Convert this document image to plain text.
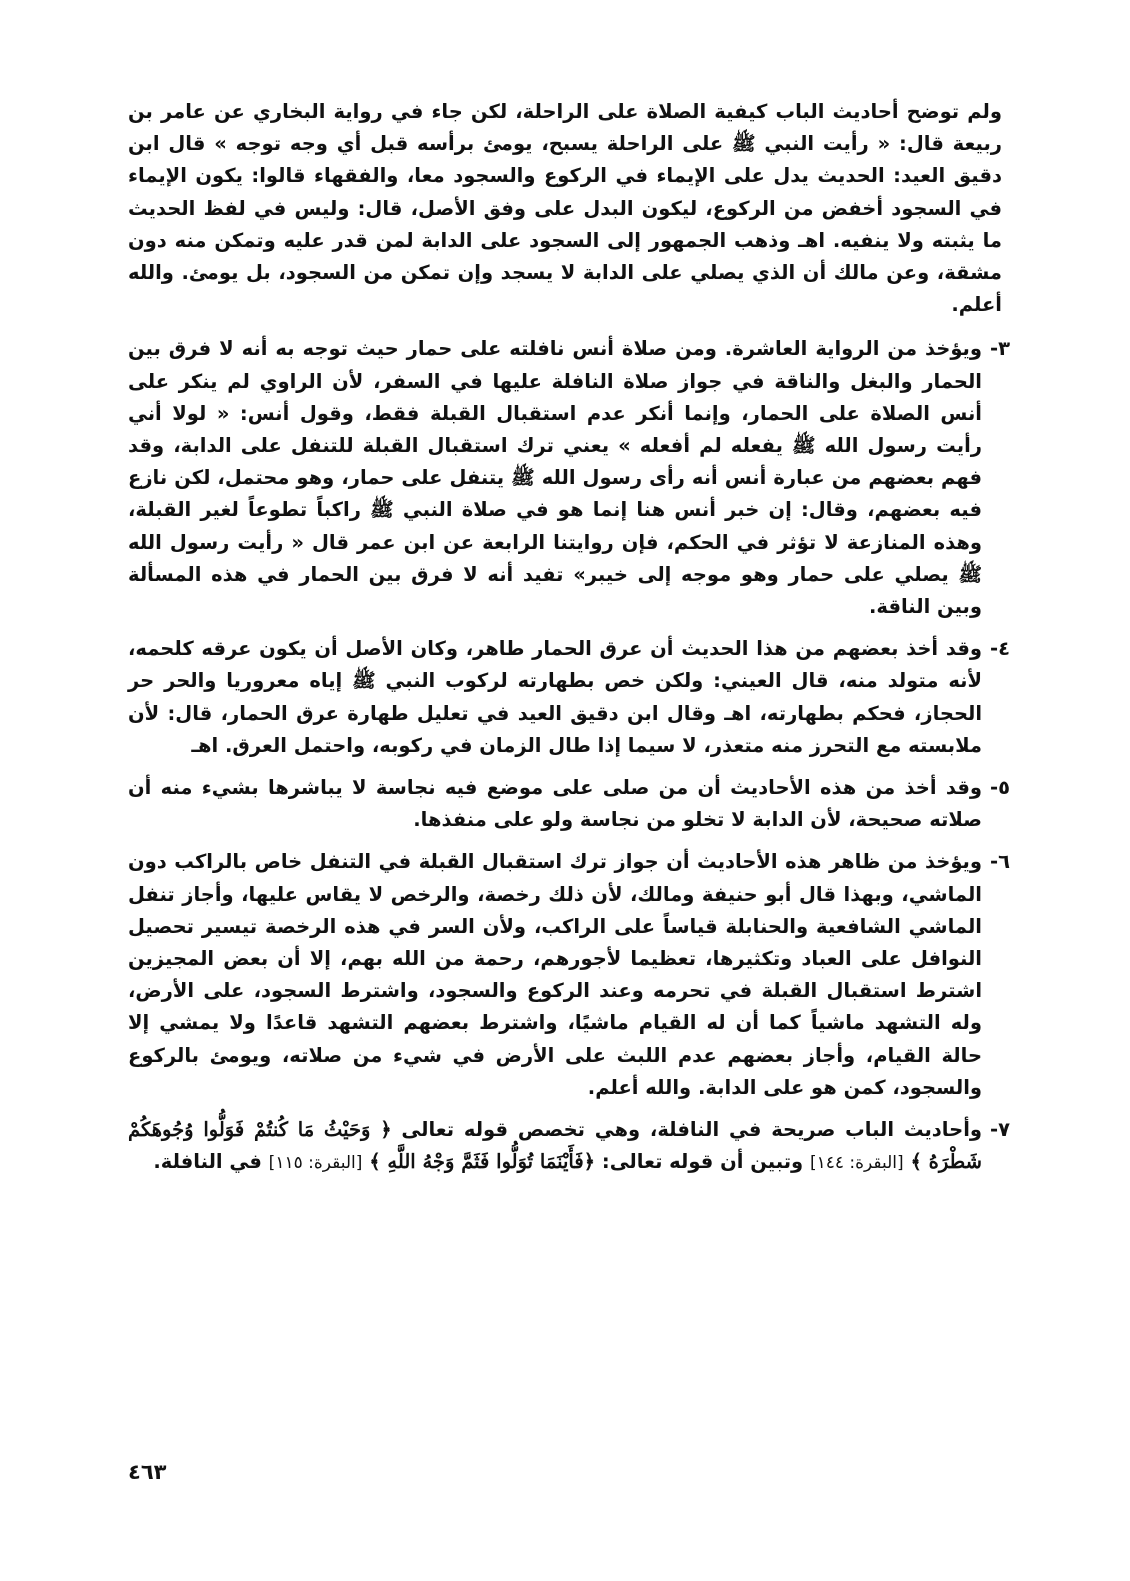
ولم توضح أحاديث الباب كيفية الصلاة على الراحلة، لكن جاء في رواية البخاري عن عامر بن ربيعة قال: « رأيت النبي ﷺ على الراحلة يسبح، يومئ برأسه قبل أي وجه توجه » قال ابن دقيق العيد: الحديث يدل على الإيماء في الركوع والسجود معا، والفقهاء قالوا: يكون الإيماء في السجود أخفض من الركوع، ليكون البدل على وفق الأصل، قال: وليس في لفظ الحديث ما يثبته ولا ينفيه. اهـ وذهب الجمهور إلى السجود على الدابة لمن قدر عليه وتمكن منه دون مشقة، وعن مالك أن الذي يصلي على الدابة لا يسجد وإن تمكن من السجود، بل يومئ. والله أعلم.

٣-
ويؤخذ من الرواية العاشرة. ومن صلاة أنس نافلته على حمار حيث توجه به أنه لا فرق بين الحمار والبغل والناقة في جواز صلاة النافلة عليها في السفر، لأن الراوي لم ينكر على أنس الصلاة على الحمار، وإنما أنكر عدم استقبال القبلة فقط، وقول أنس: « لولا أني رأيت رسول الله ﷺ يفعله لم أفعله » يعني ترك استقبال القبلة للتنفل على الدابة، وقد فهم بعضهم من عبارة أنس أنه رأى رسول الله ﷺ يتنفل على حمار، وهو محتمل، لكن نازع فيه بعضهم، وقال: إن خبر أنس هنا إنما هو في صلاة النبي ﷺ راكباً تطوعاً لغير القبلة، وهذه المنازعة لا تؤثر في الحكم، فإن روايتنا الرابعة عن ابن عمر قال « رأيت رسول الله ﷺ يصلي على حمار وهو موجه إلى خيبر» تفيد أنه لا فرق بين الحمار في هذه المسألة وبين الناقة.
٤-
وقد أخذ بعضهم من هذا الحديث أن عرق الحمار طاهر، وكان الأصل أن يكون عرقه كلحمه، لأنه متولد منه، قال العيني: ولكن خص بطهارته لركوب النبي ﷺ إياه معروريا والحر حر الحجاز، فحكم بطهارته، اهـ وقال ابن دقيق العيد في تعليل طهارة عرق الحمار، قال: لأن ملابسته مع التحرز منه متعذر، لا سيما إذا طال الزمان في ركوبه، واحتمل العرق. اهـ
٥-
وقد أخذ من هذه الأحاديث أن من صلى على موضع فيه نجاسة لا يباشرها بشيء منه أن صلاته صحيحة، لأن الدابة لا تخلو من نجاسة ولو على منفذها.
٦-
ويؤخذ من ظاهر هذه الأحاديث أن جواز ترك استقبال القبلة في التنفل خاص بالراكب دون الماشي، وبهذا قال أبو حنيفة ومالك، لأن ذلك رخصة، والرخص لا يقاس عليها، وأجاز تنفل الماشي الشافعية والحنابلة قياساً على الراكب، ولأن السر في هذه الرخصة تيسير تحصيل النوافل على العباد وتكثيرها، تعظيما لأجورهم، رحمة من الله بهم، إلا أن بعض المجيزين اشترط استقبال القبلة في تحرمه وعند الركوع والسجود، واشترط السجود، على الأرض، وله التشهد ماشياً كما أن له القيام ماشيًا، واشترط بعضهم التشهد قاعدًا ولا يمشي إلا حالة القيام، وأجاز بعضهم عدم اللبث على الأرض في شيء من صلاته، ويومئ بالركوع والسجود، كمن هو على الدابة. والله أعلم.
٧-
وأحاديث الباب صريحة في النافلة، وهي تخصص قوله تعالى ﴿ وَحَيْثُ مَا كُنتُمْ فَوَلُّوا وُجُوهَكُمْ شَطْرَهُ ﴾ [البقرة: ١٤٤] وتبين أن قوله تعالى: ﴿فَأَيْنَمَا تُوَلُّوا فَثَمَّ وَجْهُ اللَّهِ ﴾ [البقرة: ١١٥] في النافلة.
٤٦٣
